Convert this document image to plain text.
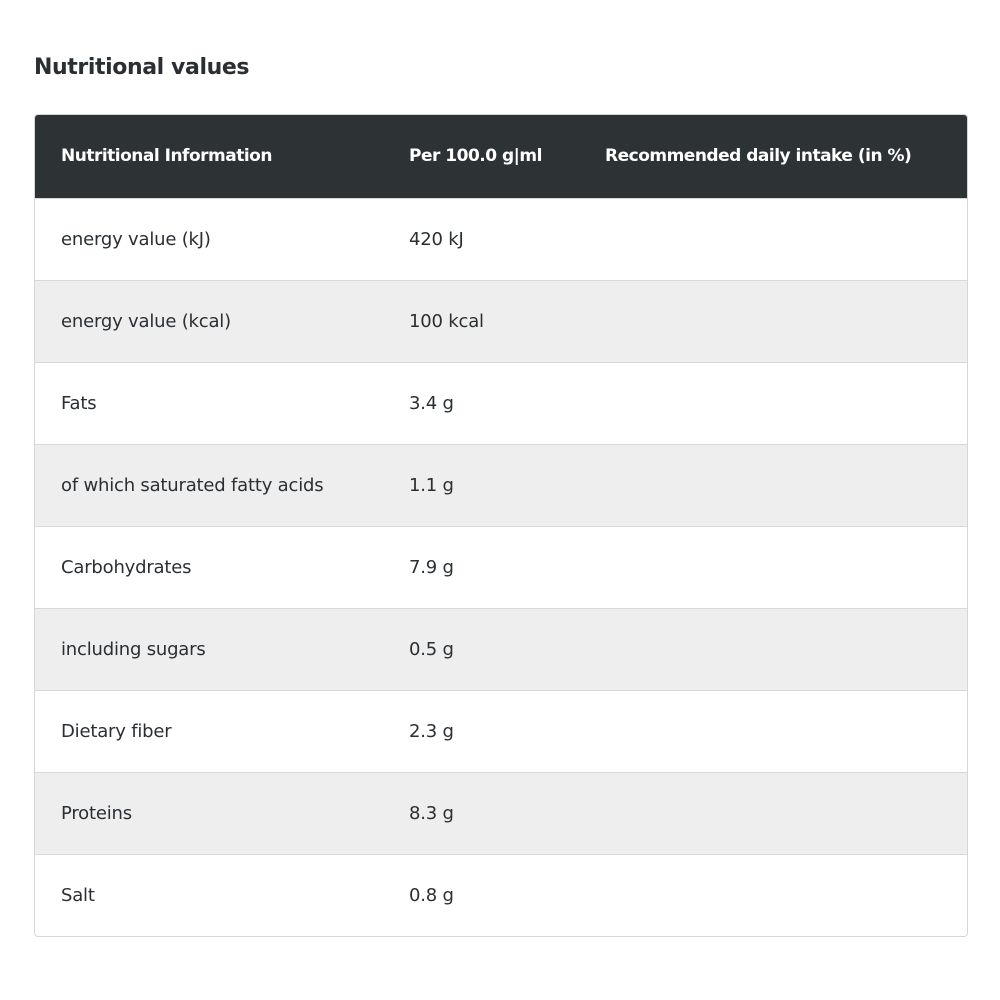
Nutritional values
Nutritional Information	Per 100.0 g|ml	Recommended daily intake (in %)
energy value (kJ)	420 kJ	
energy value (kcal)	100 kcal	
Fats	3.4 g	
of which saturated fatty acids	1.1 g	
Carbohydrates	7.9 g	
including sugars	0.5 g	
Dietary fiber	2.3 g	
Proteins	8.3 g	
Salt	0.8 g	
